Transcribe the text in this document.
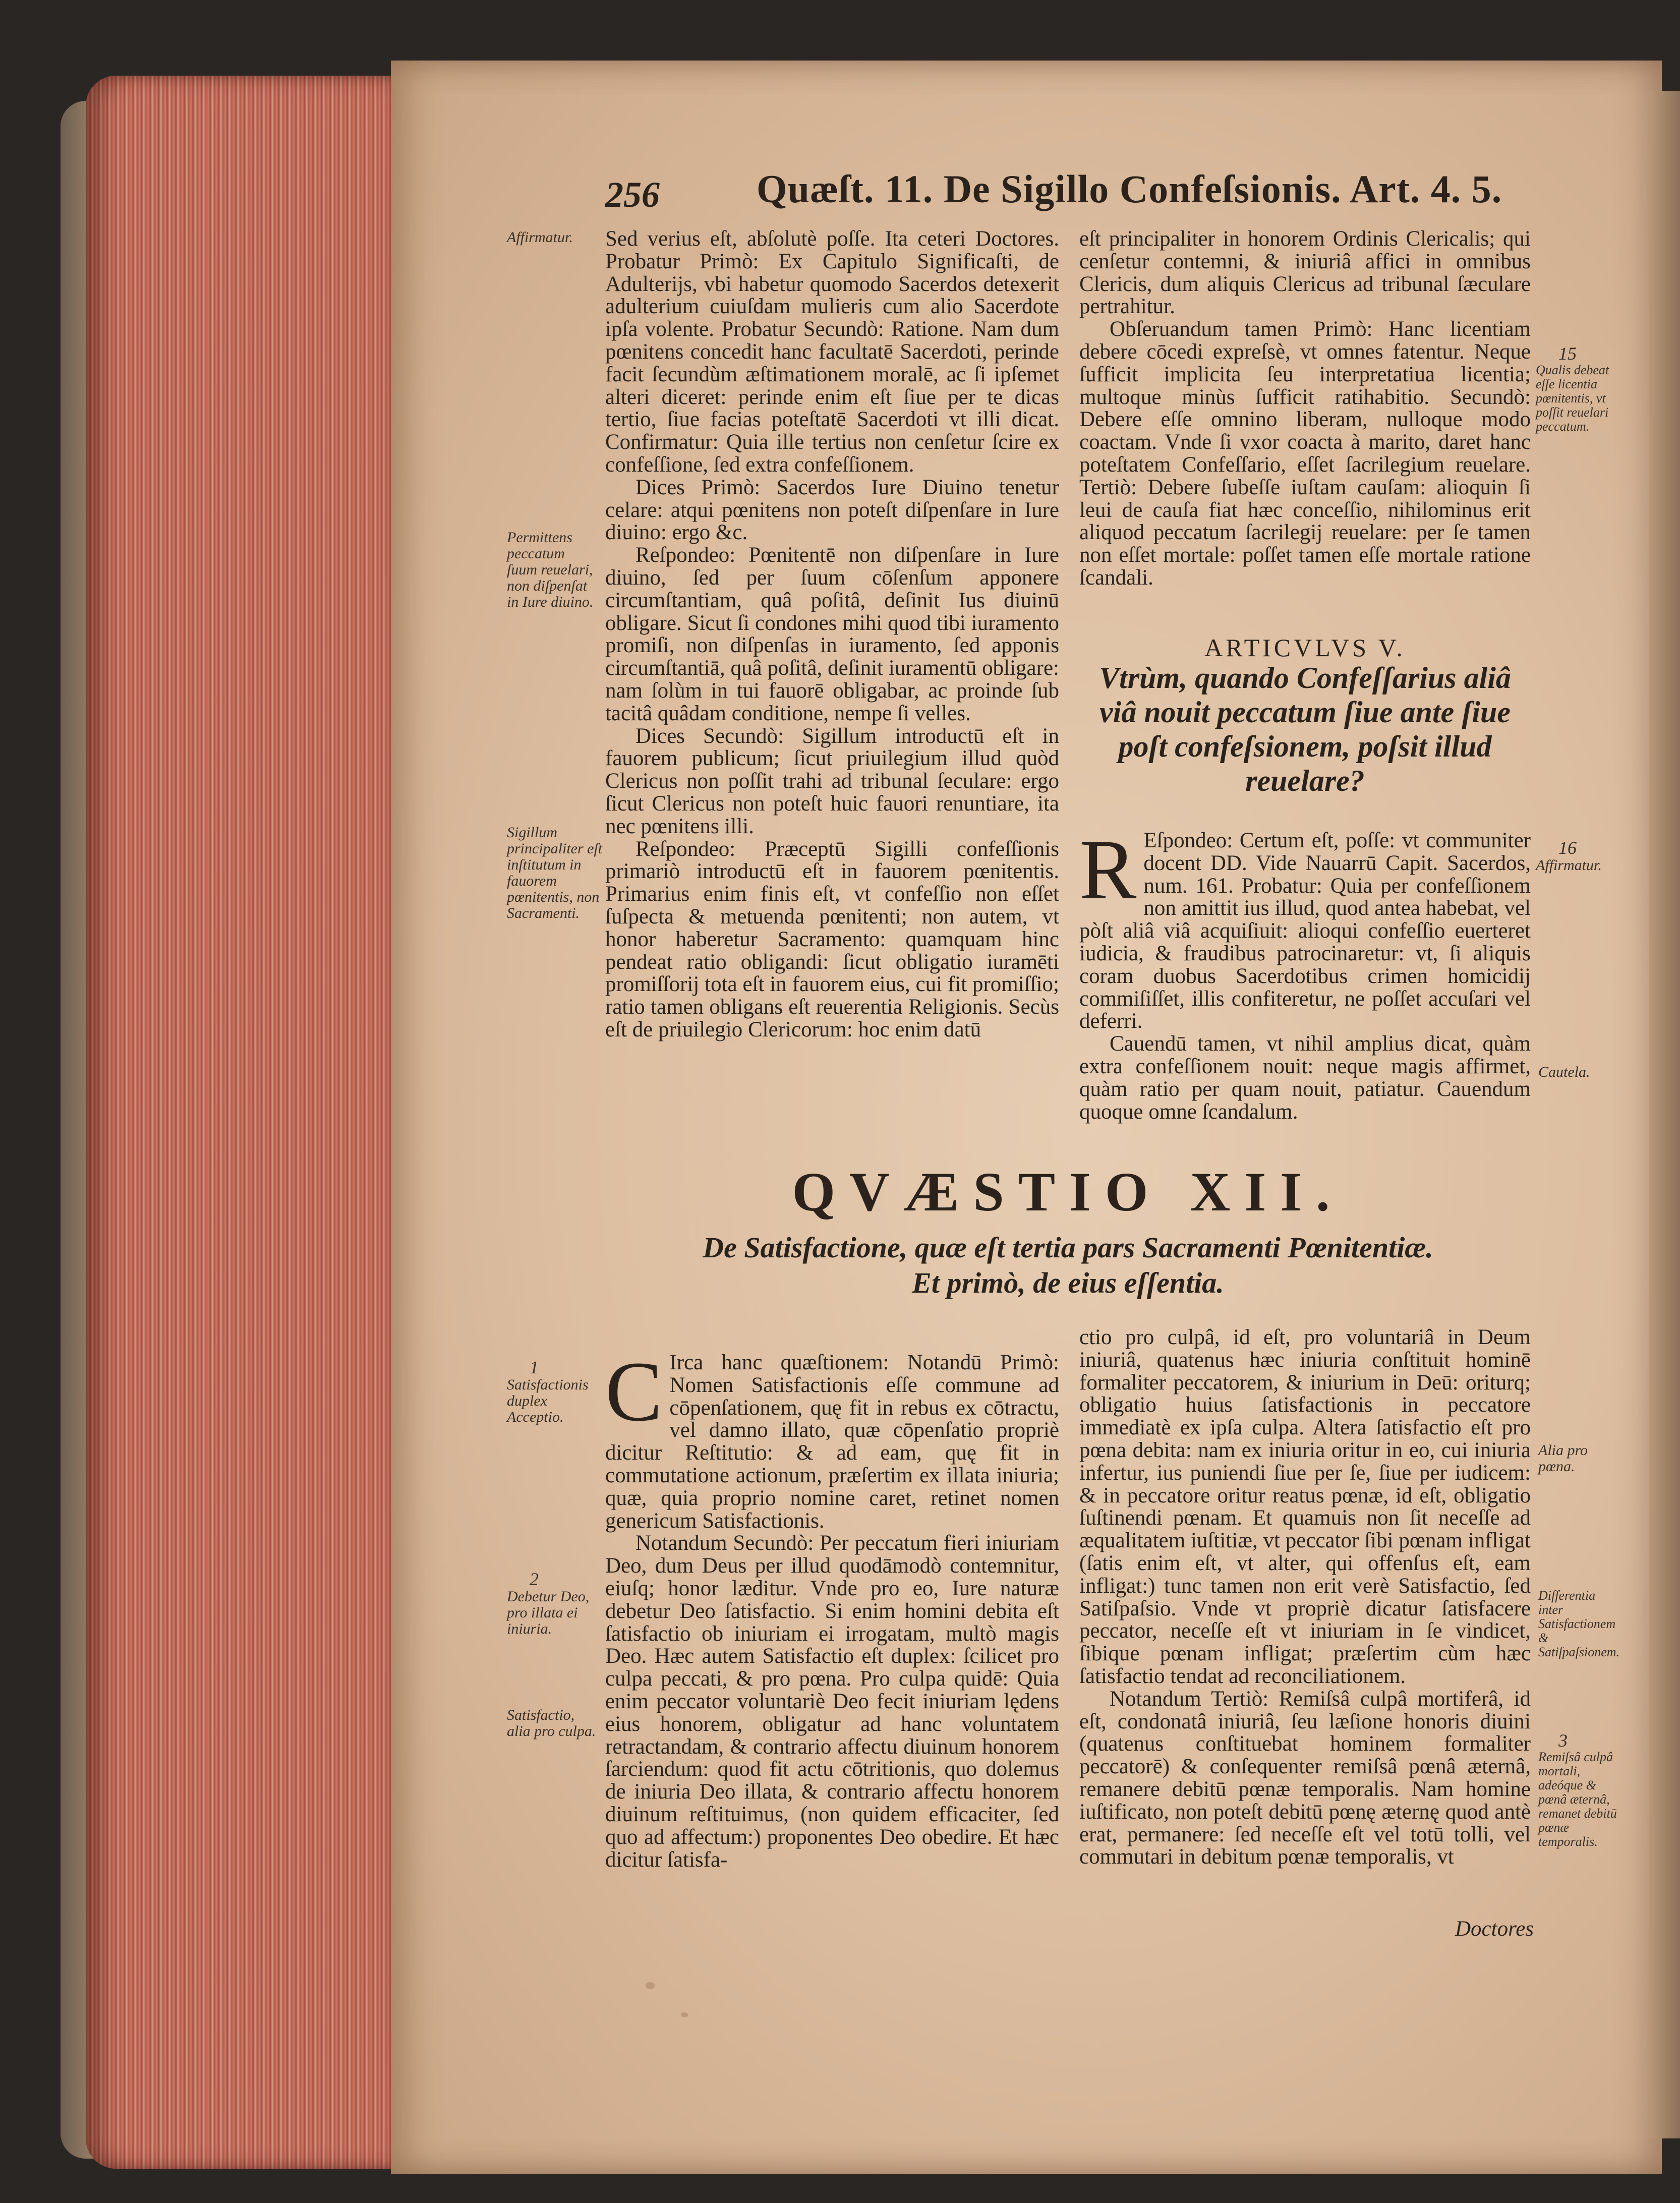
256 Quæſt. 11. De Sigillo Confeſsionis. Art. 4. 5.

Sed verius eſt, abſolutè poſſe. Ita ceteri Doctores. Probatur Primò: Ex Capitulo Significaſti, de Adulterijs, vbi habetur quomodo Sacerdos detexerit adulterium cuiuſdam mulieris cum alio Sacerdote ipſa volente. Probatur Secundò: Ratione. Nam dum pœnitens concedit hanc facultatē Sacerdoti, perinde facit ſecundùm æſtimationem moralē, ac ſi ipſemet alteri diceret: perinde enim eſt ſiue per te dicas tertio, ſiue facias poteſtatē Sacerdoti vt illi dicat. Confirmatur: Quia ille tertius non cenſetur ſcire ex confeſſione, ſed extra confeſſionem.

Dices Primò: Sacerdos Iure Diuino tenetur celare: atqui pœnitens non poteſt diſpenſare in Iure diuino: ergo &c.

Reſpondeo: Pœnitentē non diſpenſare in Iure diuino, ſed per ſuum cōſenſum apponere circumſtantiam, quâ poſitâ, deſinit Ius diuinū obligare. Sicut ſi condones mihi quod tibi iuramento promiſi, non diſpenſas in iuramento, ſed apponis circumſtantiā, quâ poſitâ, deſinit iuramentū obligare: nam ſolùm in tui fauorē obligabar, ac proinde ſub tacitâ quâdam conditione, nempe ſi velles.

Dices Secundò: Sigillum introductū eſt in fauorem publicum; ſicut priuilegium illud quòd Clericus non poſſit trahi ad tribunal ſeculare: ergo ſicut Clericus non poteſt huic fauori renuntiare, ita nec pœnitens illi.

Reſpondeo: Præceptū Sigilli confeſſionis primariò introductū eſt in fauorem pœnitentis. Primarius enim finis eſt, vt confeſſio non eſſet ſuſpecta & metuenda pœnitenti; non autem, vt honor haberetur Sacramento: quamquam hinc pendeat ratio obligandi: ſicut obligatio iuramēti promiſſorij tota eſt in fauorem eius, cui fit promiſſio; ratio tamen obligans eſt reuerentia Religionis. Secùs eſt de priuilegio Clericorum: hoc enim datū

eſt principaliter in honorem Ordinis Clericalis; qui cenſetur contemni, & iniuriâ affici in omnibus Clericis, dum aliquis Clericus ad tribunal ſæculare pertrahitur.

Obſeruandum tamen Primò: Hanc licentiam debere cōcedi expreſsè, vt omnes fatentur. Neque ſufficit implicita ſeu interpretatiua licentia; multoque minùs ſufficit ratihabitio. Secundò: Debere eſſe omnino liberam, nulloque modo coactam. Vnde ſi vxor coacta à marito, daret hanc poteſtatem Confeſſario, eſſet ſacrilegium reuelare. Tertiò: Debere ſubeſſe iuſtam cauſam: alioquin ſi leui de cauſa fiat hæc conceſſio, nihilominus erit aliquod peccatum ſacrilegij reuelare: per ſe tamen non eſſet mortale: poſſet tamen eſſe mortale ratione ſcandali.

ARTICVLVS V.
Vtrùm, quando Confeſſarius aliâ viâ nouit peccatum ſiue ante ſiue poſt confeſsionem, poſsit illud reuelare?

R Eſpondeo: Certum eſt, poſſe: vt communiter docent DD. Vide Nauarrū Capit. Sacerdos, num. 161. Probatur: Quia per confeſſionem non amittit ius illud, quod antea habebat, vel pòſt aliâ viâ acquiſiuit: alioqui confeſſio euerteret iudicia, & fraudibus patrocinaretur: vt, ſi aliquis coram duobus Sacerdotibus crimen homicidij commiſiſſet, illis confiteretur, ne poſſet accuſari vel deferri.

Cauendū tamen, vt nihil amplius dicat, quàm extra confeſſionem nouit: neque magis affirmet, quàm ratio per quam nouit, patiatur. Cauendum quoque omne ſcandalum.

QVÆSTIO XII.
De Satisfactione, quæ eſt tertia pars Sacramenti Pœnitentiæ.
Et primò, de eius eſſentia.

C Irca hanc quæſtionem: Notandū Primò: Nomen Satisfactionis eſſe commune ad cōpenſationem, quę fit in rebus ex cōtractu, vel damno illato, quæ cōpenſatio propriè dicitur Reſtitutio: & ad eam, quę fit in commutatione actionum, præſertim ex illata iniuria; quæ, quia proprio nomine caret, retinet nomen genericum Satisfactionis.

Notandum Secundò: Per peccatum fieri iniuriam Deo, dum Deus per illud quodāmodò contemnitur, eiuſq; honor læditur. Vnde pro eo, Iure naturæ debetur Deo ſatisfactio. Si enim homini debita eſt ſatisfactio ob iniuriam ei irrogatam, multò magis Deo. Hæc autem Satisfactio eſt duplex: ſcilicet pro culpa peccati, & pro pœna. Pro culpa quidē: Quia enim peccator voluntariè Deo fecit iniuriam lędens eius honorem, obligatur ad hanc voluntatem retractandam, & contrario affectu diuinum honorem ſarciendum: quod fit actu cōtritionis, quo dolemus de iniuria Deo illata, & contrario affectu honorem diuinum reſtituimus, (non quidem efficaciter, ſed quo ad affectum:) proponentes Deo obedire. Et hæc dicitur ſatisfa-

ctio pro culpâ, id eſt, pro voluntariâ in Deum iniuriâ, quatenus hæc iniuria conſtituit hominē formaliter peccatorem, & iniurium in Deū: oriturq; obligatio huius ſatisfactionis in peccatore immediatè ex ipſa culpa. Altera ſatisfactio eſt pro pœna debita: nam ex iniuria oritur in eo, cui iniuria infertur, ius puniendi ſiue per ſe, ſiue per iudicem: & in peccatore oritur reatus pœnæ, id eſt, obligatio ſuſtinendi pœnam. Et quamuis non ſit neceſſe ad æqualitatem iuſtitiæ, vt peccator ſibi pœnam infligat (ſatis enim eſt, vt alter, qui offenſus eſt, eam infligat:) tunc tamen non erit verè Satisfactio, ſed Satiſpaſsio. Vnde vt propriè dicatur ſatisfacere peccator, neceſſe eſt vt iniuriam in ſe vindicet, ſibique pœnam infligat; præſertim cùm hæc ſatisfactio tendat ad reconciliationem.

Notandum Tertiò: Remiſsâ culpâ mortiferâ, id eſt, condonatâ iniuriâ, ſeu læſione honoris diuini (quatenus conſtituebat hominem formaliter peccatorē) & conſequenter remiſsâ pœnâ æternâ, remanere debitū pœnæ temporalis. Nam homine iuſtificato, non poteſt debitū pœnę æternę quod antè erat, permanere: ſed neceſſe eſt vel totū tolli, vel commutari in debitum pœnæ temporalis, vt

Doctores
Affirmatur.
Permittens peccatum ſuum reuelari, non diſpenſat in Iure diuino.
Sigillum principaliter eſt inſtitutum in fauorem pœnitentis, non Sacramenti.
1
Satisfactionis duplex Acceptio.
2
Debetur Deo, pro illata ei iniuria.
Satisfactio, alia pro culpa.
15
Qualis debeat eſſe licentia pœnitentis, vt poſſit reuelari peccatum.
16
Affirmatur.
Cautela.
Alia pro pœna.
Differentia inter Satisfactionem & Satiſpaſsionem.
3
Remiſsâ culpâ mortali, adeóque & pœnâ æternâ, remanet debitū pœnæ temporalis.
